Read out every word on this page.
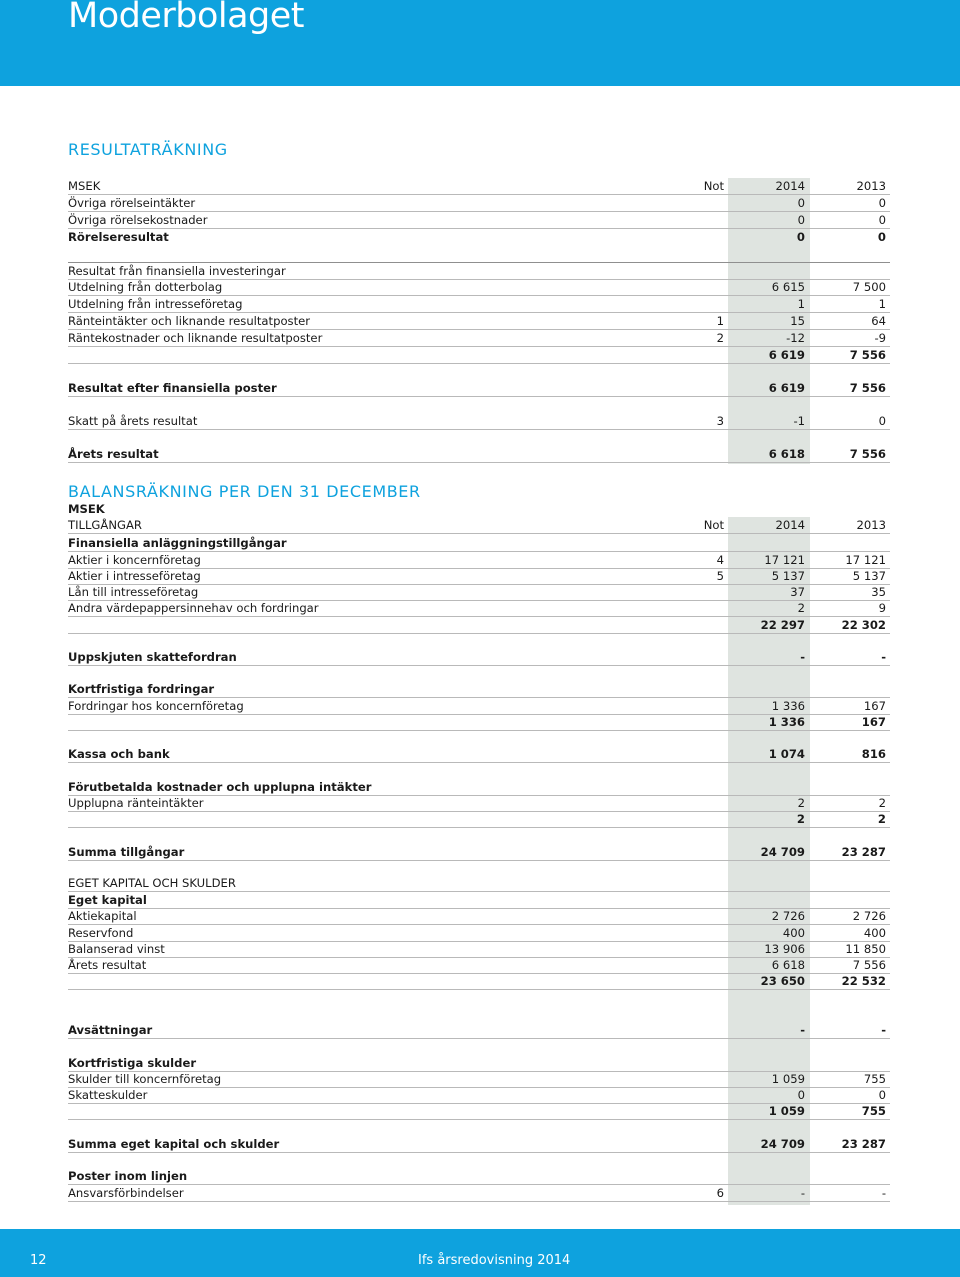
Moderbolaget
RESULTATRÄKNING
MSEK	Not	2014	2013
Övriga rörelseintäkter	0	0
Övriga rörelsekostnader	0	0
Rörelseresultat	0	0
Resultat från finansiella investeringar
Utdelning från dotterbolag	6 615	7 500
Utdelning från intresseföretag	1	1
Ränteintäkter och liknande resultatposter	1	15	64
Räntekostnader och liknande resultatposter	2	-12	-9
6 619	7 556
Resultat efter finansiella poster	6 619	7 556
Skatt på årets resultat	3	-1	0
Årets resultat	6 618	7 556
BALANSRÄKNING PER DEN 31 DECEMBER
MSEK
TILLGÅNGAR	Not	2014	2013
Finansiella anläggningstillgångar
Aktier i koncernföretag	4	17 121	17 121
Aktier i intresseföretag	5	5 137	5 137
Lån till intresseföretag	37	35
Andra värdepappersinnehav och fordringar	2	9
22 297	22 302
Uppskjuten skattefordran	-	-
Kortfristiga fordringar
Fordringar hos koncernföretag	1 336	167
1 336	167
Kassa och bank	1 074	816
Förutbetalda kostnader och upplupna intäkter
Upplupna ränteintäkter	2	2
2	2
Summa tillgångar	24 709	23 287
EGET KAPITAL OCH SKULDER
Eget kapital
Aktiekapital	2 726	2 726
Reservfond	400	400
Balanserad vinst	13 906	11 850
Årets resultat	6 618	7 556
23 650	22 532
Avsättningar	-	-
Kortfristiga skulder
Skulder till koncernföretag	1 059	755
Skatteskulder	0	0
1 059	755
Summa eget kapital och skulder	24 709	23 287
Poster inom linjen
Ansvarsförbindelser	6	-	-
12	Ifs årsredovisning 2014
